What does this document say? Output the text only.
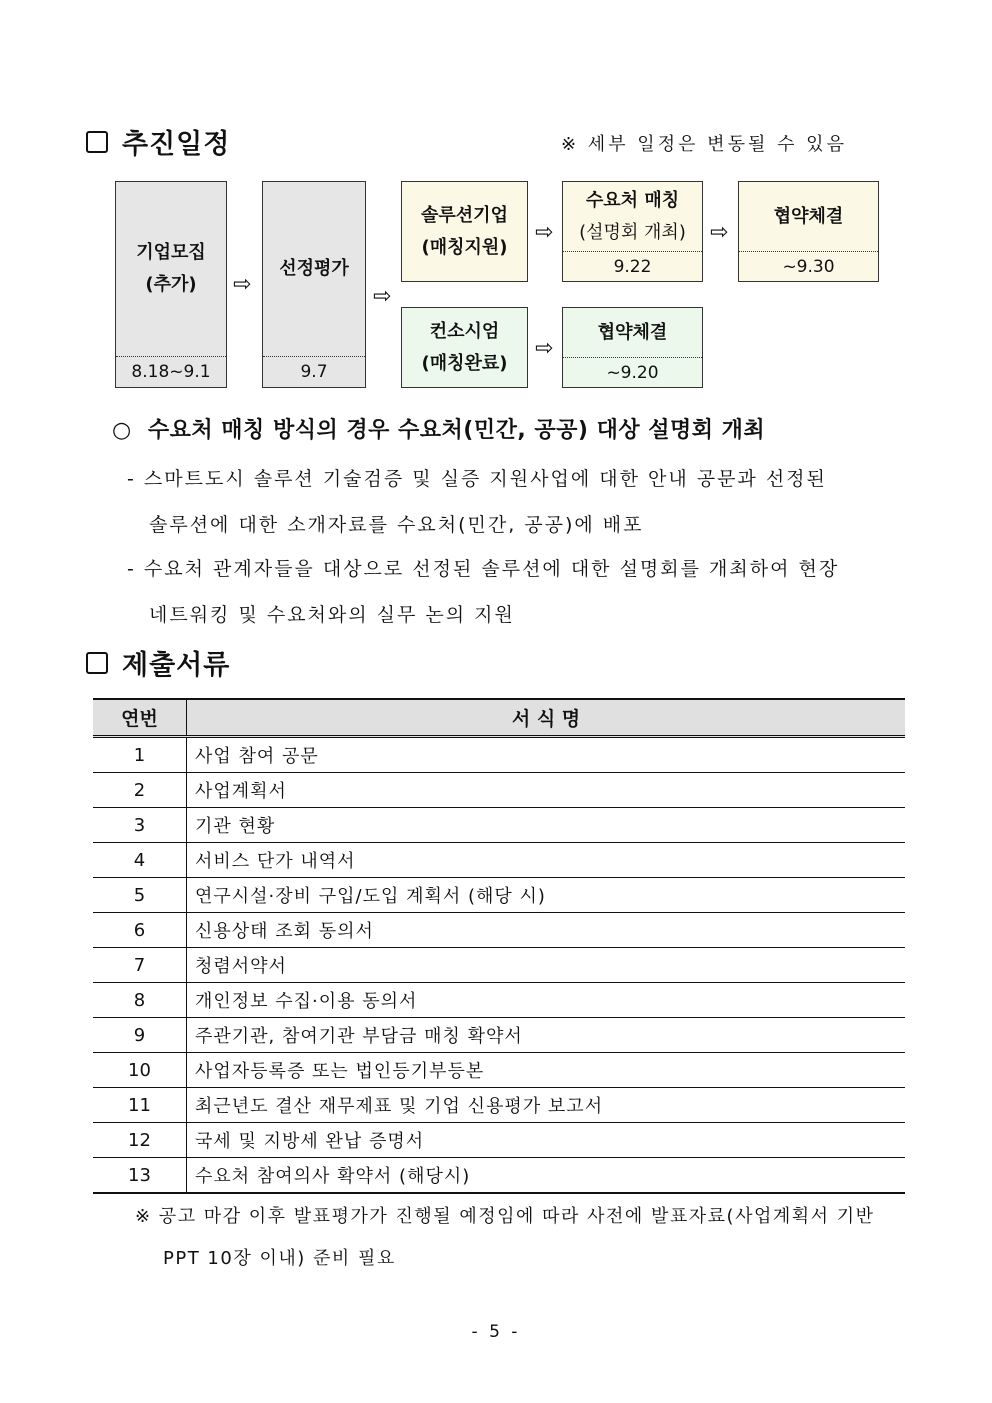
추진일정	※ 세부 일정은 변동될 수 있음
기업모집
(추가)
8.18~9.1
⇨
선정평가
9.7
⇨
솔루션기업
(매칭지원)
⇨
수요처 매칭
(설명회 개최)
9.22
⇨
협약체결
~9.30
컨소시엄
(매칭완료)
⇨
협약체결
~9.20
○ 수요처 매칭 방식의 경우 수요처(민간, 공공) 대상 설명회 개최
- 스마트도시 솔루션 기술검증 및 실증 지원사업에 대한 안내 공문과 선정된
솔루션에 대한 소개자료를 수요처(민간, 공공)에 배포
- 수요처 관계자들을 대상으로 선정된 솔루션에 대한 설명회를 개최하여 현장
네트워킹 및 수요처와의 실무 논의 지원
제출서류
연번	서 식 명
1	사업 참여 공문
2	사업계획서
3	기관 현황
4	서비스 단가 내역서
5	연구시설·장비 구입/도입 계획서 (해당 시)
6	신용상태 조회 동의서
7	청렴서약서
8	개인정보 수집·이용 동의서
9	주관기관, 참여기관 부담금 매칭 확약서
10	사업자등록증 또는 법인등기부등본
11	최근년도 결산 재무제표 및 기업 신용평가 보고서
12	국세 및 지방세 완납 증명서
13	수요처 참여의사 확약서 (해당시)
※ 공고 마감 이후 발표평가가 진행될 예정임에 따라 사전에 발표자료(사업계획서 기반
PPT 10장 이내) 준비 필요
- 5 -
